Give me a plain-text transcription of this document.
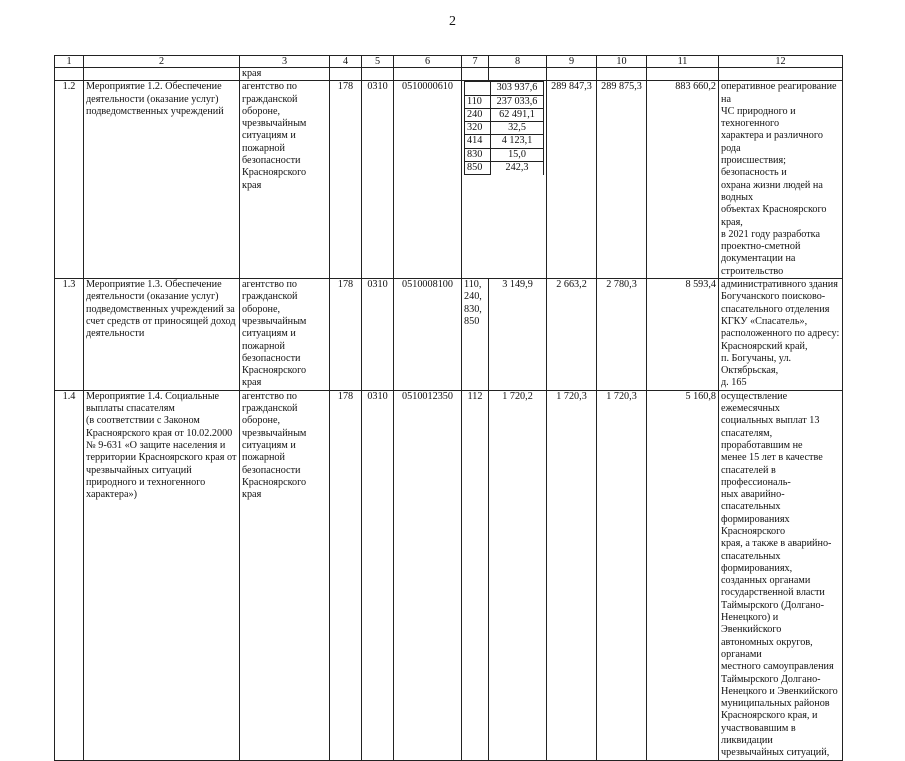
2
1	2	3	4	5	6	7	8	9	10	11	12
		края									
1.2	Мероприятие 1.2. Обеспечение деятельности (оказание услуг) подведомственных учреждений	агентство по
гражданской
обороне,
чрезвычайным
ситуациям и
пожарной
безопасности
Красноярского
края	178	0310	0510000610	
		303 937,6
110	237 033,6
240	62 491,1
320	32,5
414	4 123,1
830	15,0
850	242,3
	289 847,3	289 875,3	883 660,2	оперативное реагирование на
ЧС природного и техногенного
характера и различного рода
происшествия; безопасность и
охрана жизни людей на водных
объектах Красноярского края,
в 2021 году разработка
проектно-сметной
документации на строительство
1.3	Мероприятие 1.3. Обеспечение деятельности (оказание услуг) подведомственных учреждений за счет средств от приносящей доход деятельности	агентство по
гражданской
обороне,
чрезвычайным
ситуациям и
пожарной
безопасности
Красноярского
края	178	0310	0510008100	110,
240,
830,
850	3 149,9	2 663,2	2 780,3	8 593,4	административного здания
Богучанского поисково-
спасательного отделения
КГКУ «Спасатель»,
расположенного по адресу:
Красноярский край,
п. Богучаны, ул. Октябрьская,
д. 165
1.4	Мероприятие 1.4. Социальные выплаты спасателям
(в соответствии с Законом Красноярского края от 10.02.2000 № 9-631 «О защите населения и территории Красноярского края от чрезвычайных ситуаций природного и техногенного характера»)	агентство по
гражданской
обороне,
чрезвычайным
ситуациям и
пожарной
безопасности
Красноярского
края	178	0310	0510012350	112	1 720,2	1 720,3	1 720,3	5 160,8	осуществление ежемесячных
социальных выплат 13
спасателям, проработавшим не
менее 15 лет в качестве
спасателей в профессиональ-
ных аварийно-спасательных
формированиях Красноярского
края, а также в аварийно-
спасательных формированиях,
созданных органами
государственной власти
Таймырского (Долгано-
Ненецкого) и Эвенкийского
автономных округов, органами
местного самоуправления
Таймырского Долгано-
Ненецкого и Эвенкийского
муниципальных районов
Красноярского края, и
участвовавшим в ликвидации
чрезвычайных ситуаций,
